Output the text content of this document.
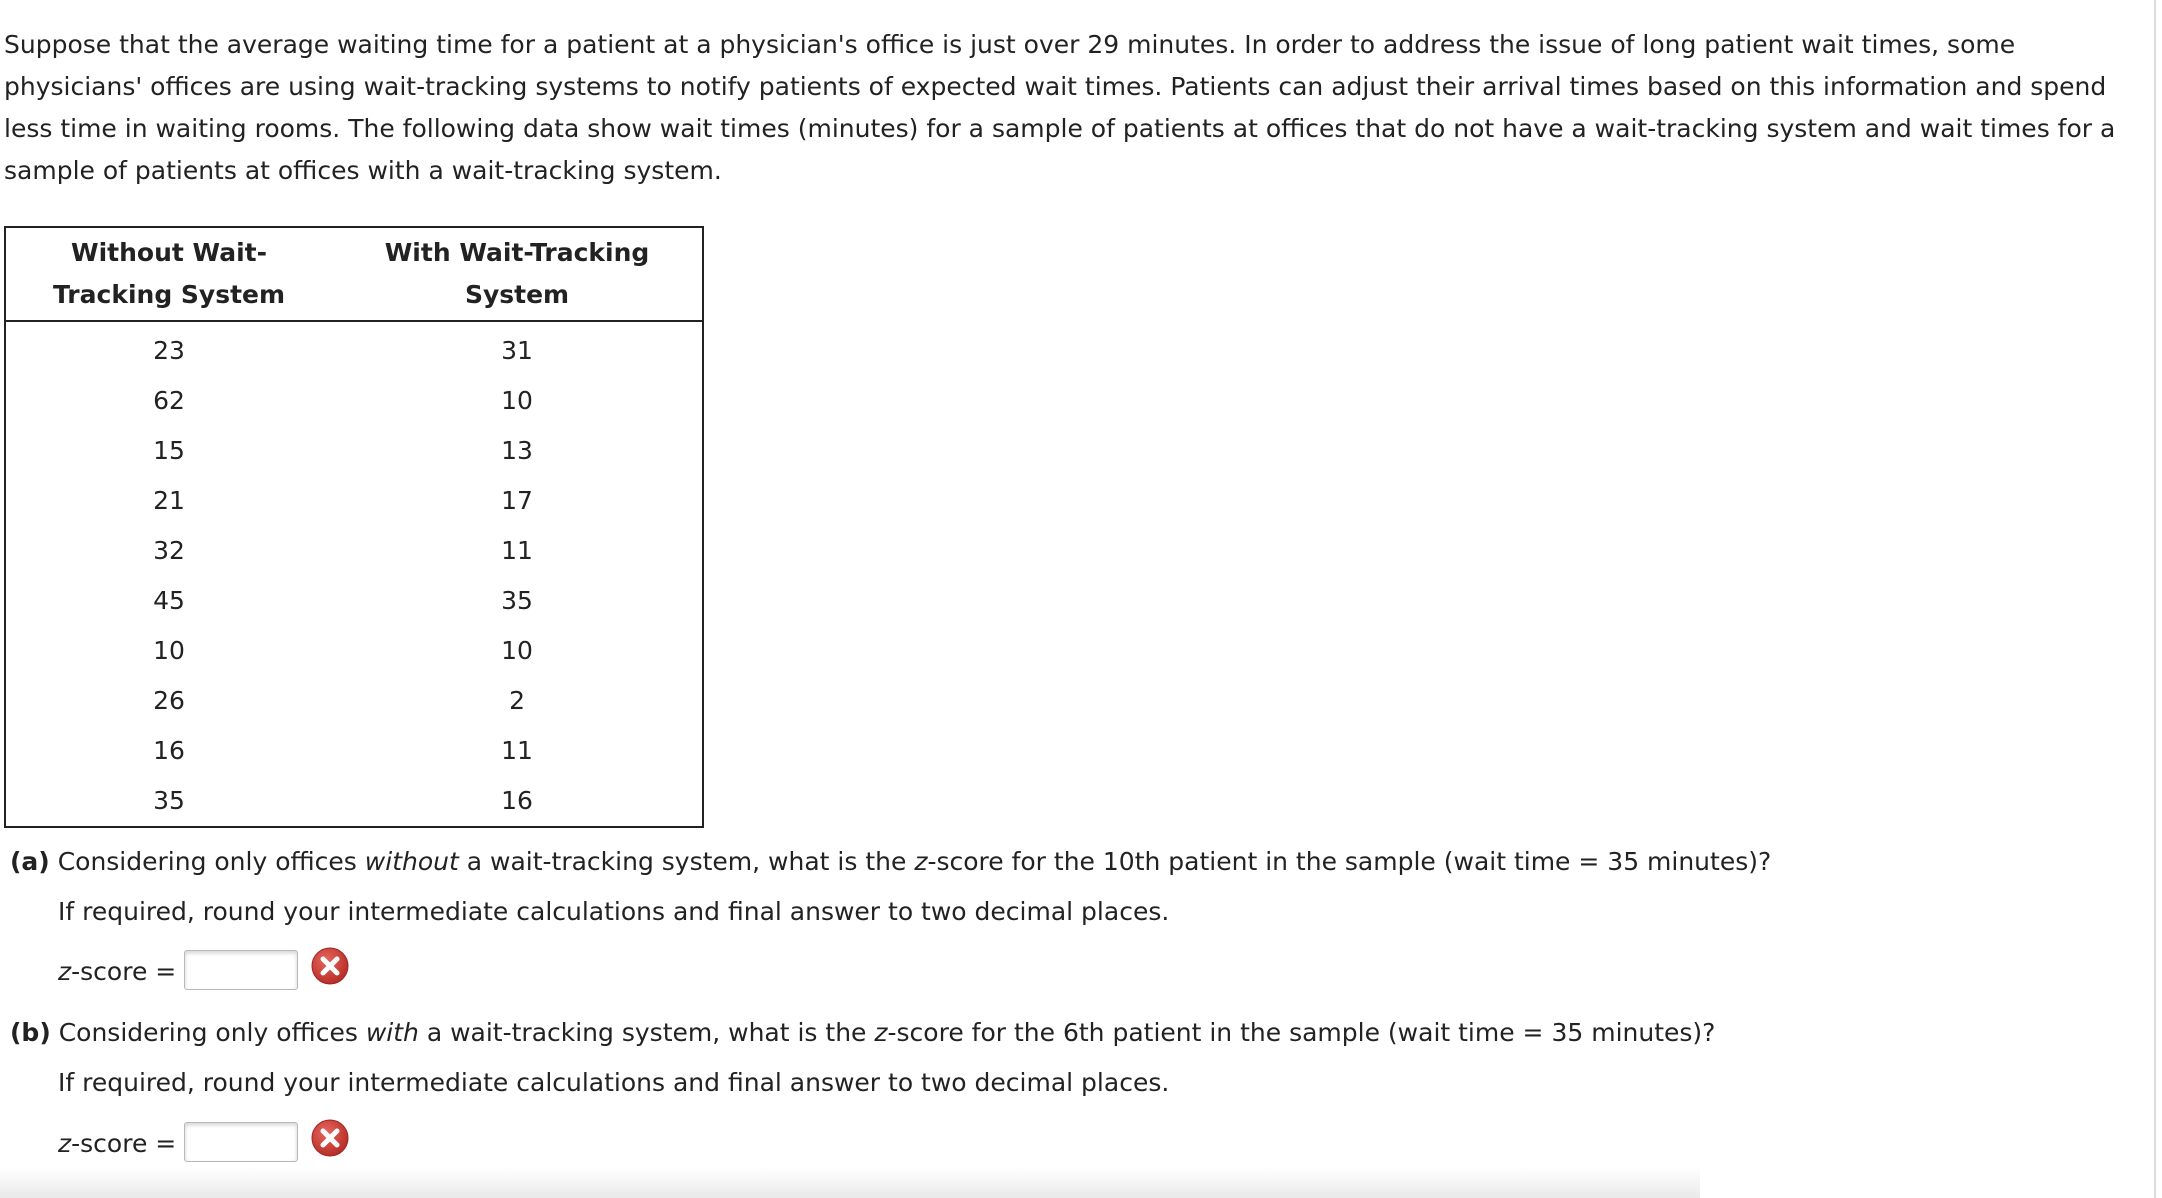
Suppose that the average waiting time for a patient at a physician's office is just over 29 minutes. In order to address the issue of long patient wait times, some physicians' offices are using wait-tracking systems to notify patients of expected wait times. Patients can adjust their arrival times based on this information and spend less time in waiting rooms. The following data show wait times (minutes) for a sample of patients at offices that do not have a wait-tracking system and wait times for a sample of patients at offices with a wait-tracking system.

Without Wait-Tracking System	With Wait-Tracking System
23	31
62	10
15	13
21	17
32	11
45	35
10	10
26	2
16	11
35	16

(a) Considering only offices without a wait-tracking system, what is the z-score for the 10th patient in the sample (wait time = 35 minutes)?

If required, round your intermediate calculations and final answer to two decimal places.

z-score =

(b) Considering only offices with a wait-tracking system, what is the z-score for the 6th patient in the sample (wait time = 35 minutes)?

If required, round your intermediate calculations and final answer to two decimal places.

z-score =
